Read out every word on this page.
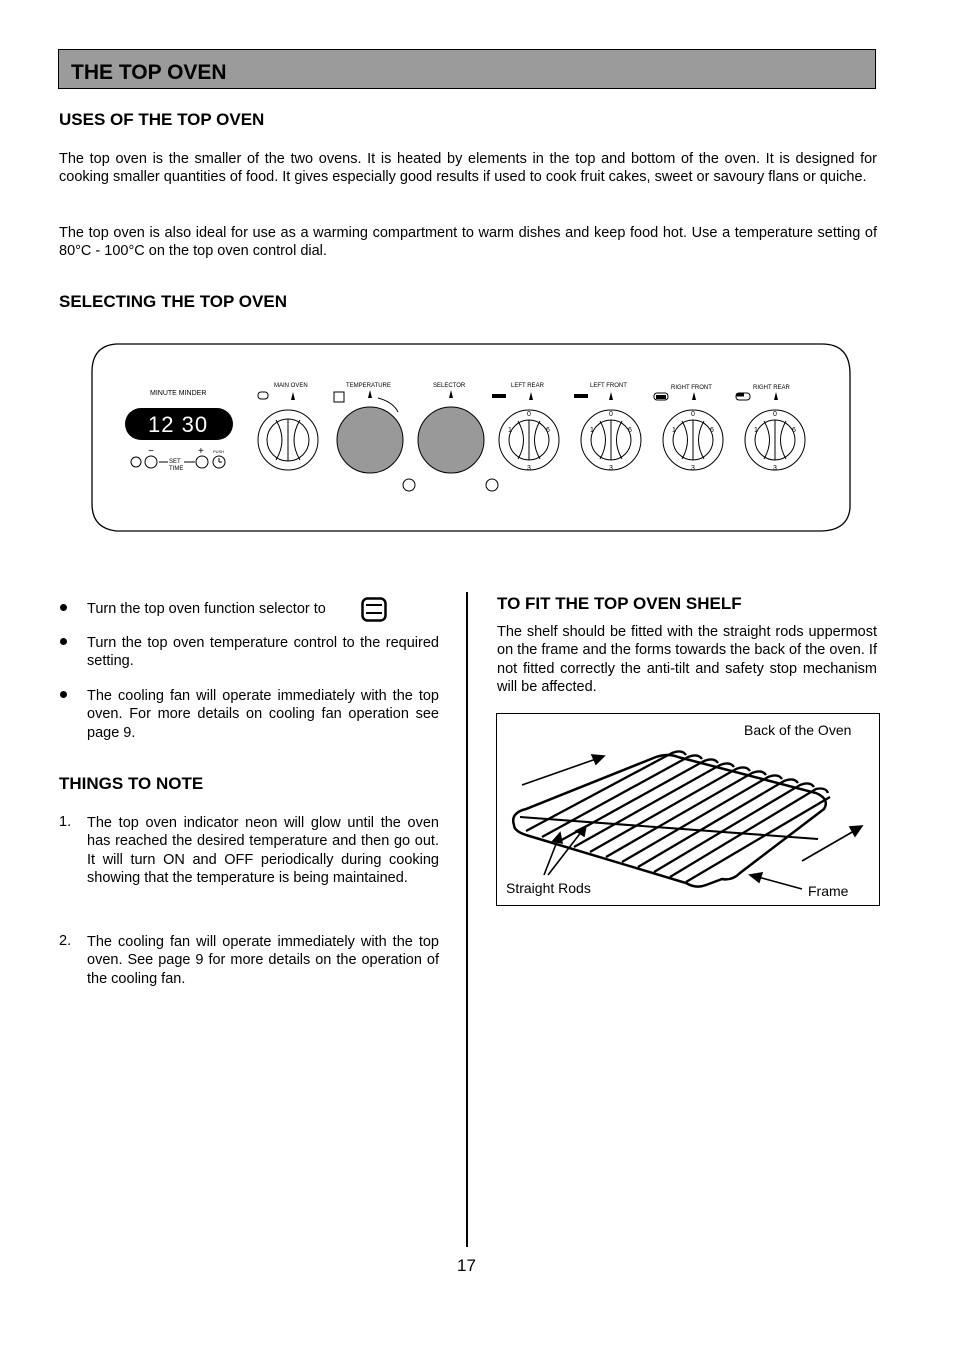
THE TOP OVEN
USES OF THE TOP OVEN

The top oven is the smaller of the two ovens. It is heated by elements in the top and bottom of the oven. It is designed for cooking smaller quantities of food. It gives especially good results if used to cook fruit cakes, sweet or savoury flans or quiche.

The top oven is also ideal for use as a warming compartment to warm dishes and keep food hot. Use a temperature setting of 80°C - 100°C on the top oven control dial.

SELECTING THE TOP OVEN
MINUTE MINDER
12 30
−
SET
TIME
+ PUSH
MAIN OVEN	TEMPERATURE	SELECTOR	LEFT REAR	LEFT FRONT	RIGHT FRONT	RIGHT REAR
0
1	6
3
0
1	6
3
0
1	6
3
0
1	6
3
Turn the top oven function selector to
Turn the top oven temperature control to the required setting.
The cooling fan will operate immediately with the top oven. For more details on cooling fan operation see page 9.
THINGS TO NOTE
1. The top oven indicator neon will glow until the oven has reached the desired temperature and then go out. It will turn ON and OFF periodically during cooking showing that the temperature is being maintained.
2. The cooling fan will operate immediately with the top oven. See page 9 for more details on the operation of the cooling fan.
TO FIT THE TOP OVEN SHELF

The shelf should be fitted with the straight rods uppermost on the frame and the forms towards the back of the oven. If not fitted correctly the anti-tilt and safety stop mechanism will be affected.

Back of the Oven
Straight Rods	Frame
17
